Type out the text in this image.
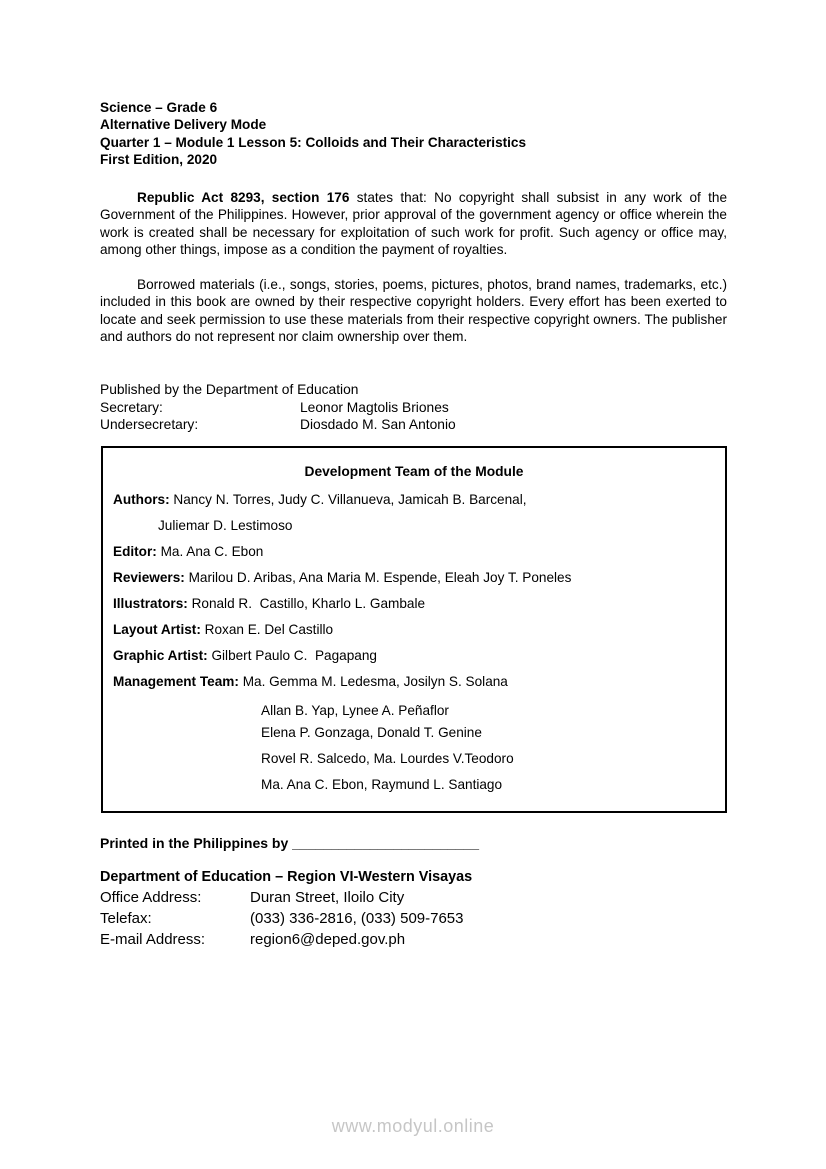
Science – Grade 6
Alternative Delivery Mode
Quarter 1 – Module 1 Lesson 5: Colloids and Their Characteristics
First Edition, 2020

Republic Act 8293, section 176 states that: No copyright shall subsist in any work of the Government of the Philippines. However, prior approval of the government agency or office wherein the work is created shall be necessary for exploitation of such work for profit. Such agency or office may, among other things, impose as a condition the payment of royalties.

Borrowed materials (i.e., songs, stories, poems, pictures, photos, brand names, trademarks, etc.) included in this book are owned by their respective copyright holders. Every effort has been exerted to locate and seek permission to use these materials from their respective copyright owners. The publisher and authors do not represent nor claim ownership over them.

Published by the Department of Education
Secretary:	Leonor Magtolis Briones
Undersecretary:	Diosdado M. San Antonio
Development Team of the Module
Authors: Nancy N. Torres, Judy C. Villanueva, Jamicah B. Barcenal,
Juliemar D. Lestimoso
Editor: Ma. Ana C. Ebon
Reviewers: Marilou D. Aribas, Ana Maria M. Espende, Eleah Joy T. Poneles
Illustrators: Ronald R.  Castillo, Kharlo L. Gambale
Layout Artist: Roxan E. Del Castillo
Graphic Artist: Gilbert Paulo C.  Pagapang
Management Team: Ma. Gemma M. Ledesma, Josilyn S. Solana
Allan B. Yap, Lynee A. Peñaflor
Elena P. Gonzaga, Donald T. Genine
Rovel R. Salcedo, Ma. Lourdes V.Teodoro
Ma. Ana C. Ebon, Raymund L. Santiago
Printed in the Philippines by ________________________
Department of Education – Region VI-Western Visayas
Office Address:	Duran Street, Iloilo City
Telefax:	(033) 336-2816, (033) 509-7653
E-mail Address:	region6@deped.gov.ph
www.modyul.online
